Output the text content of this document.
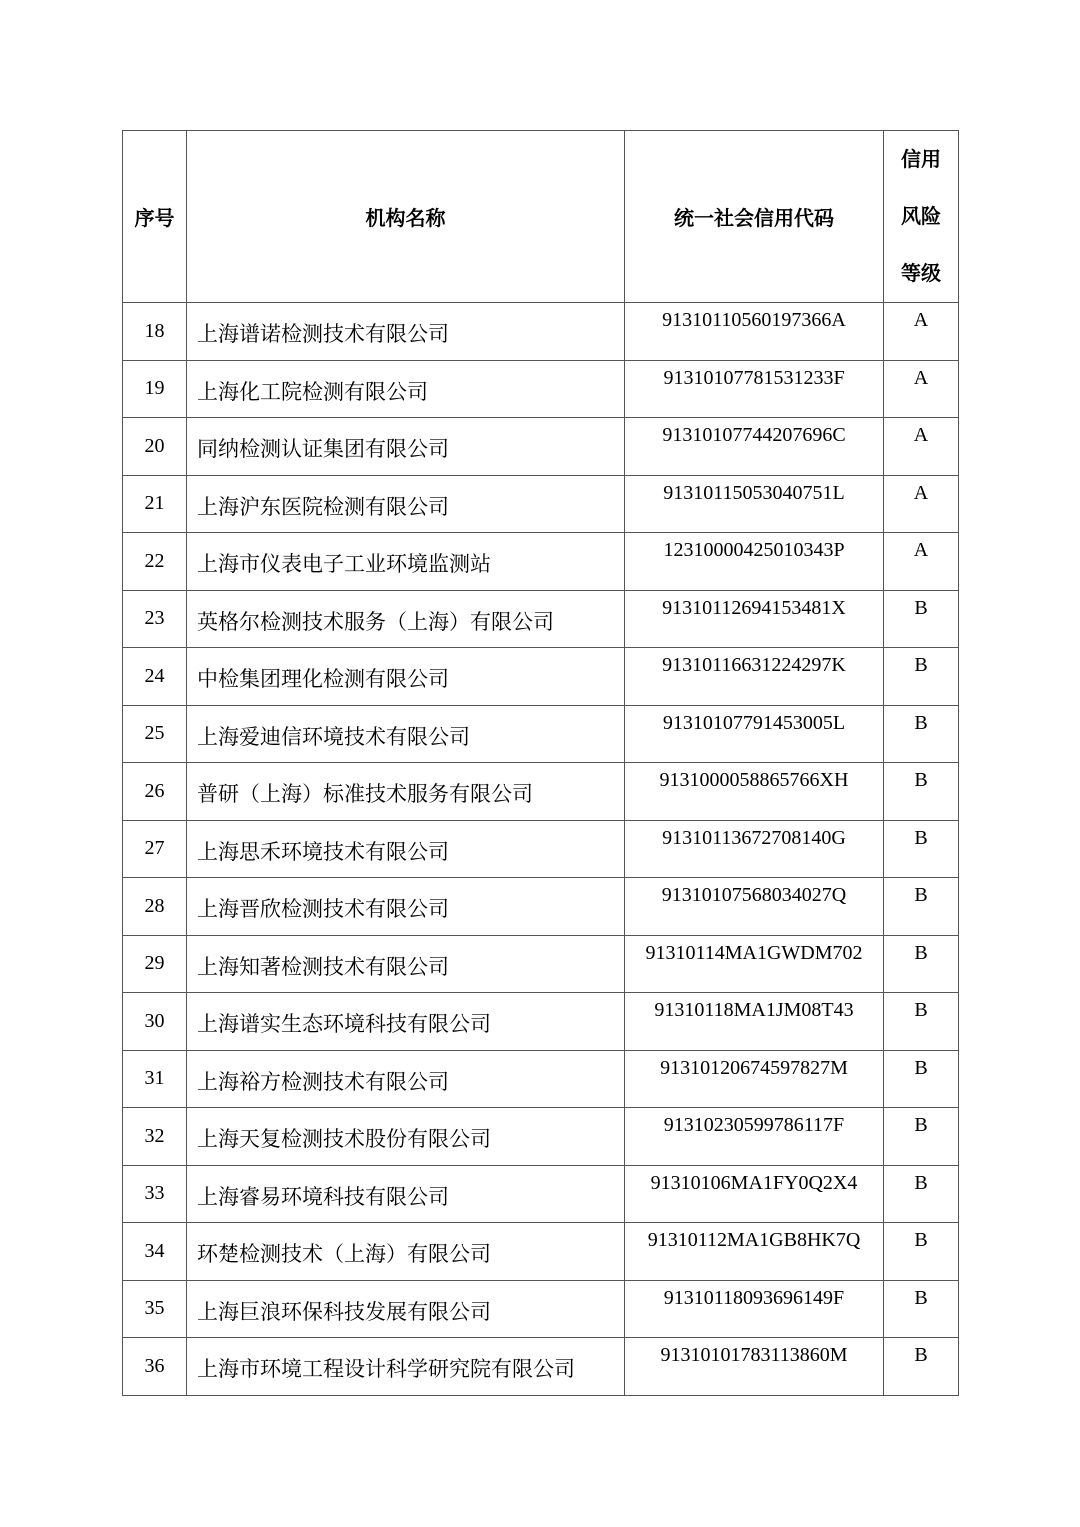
序号	机构名称	统一社会信用代码	信用
风险
等级

18	上海谱诺检测技术有限公司	91310110560197366A	A
19	上海化工院检测有限公司	91310107781531233F	A
20	同纳检测认证集团有限公司	91310107744207696C	A
21	上海沪东医院检测有限公司	91310115053040751L	A
22	上海市仪表电子工业环境监测站	12310000425010343P	A
23	英格尔检测技术服务（上海）有限公司	91310112694153481X	B
24	中检集团理化检测有限公司	91310116631224297K	B
25	上海爱迪信环境技术有限公司	91310107791453005L	B
26	普研（上海）标准技术服务有限公司	9131000058865766XH	B
27	上海思禾环境技术有限公司	91310113672708140G	B
28	上海晋欣检测技术有限公司	91310107568034027Q	B
29	上海知著检测技术有限公司	91310114MA1GWDM702	B
30	上海谱实生态环境科技有限公司	91310118MA1JM08T43	B
31	上海裕方检测技术有限公司	91310120674597827M	B
32	上海天复检测技术股份有限公司	91310230599786117F	B
33	上海睿易环境科技有限公司	91310106MA1FY0Q2X4	B
34	环楚检测技术（上海）有限公司	91310112MA1GB8HK7Q	B
35	上海巨浪环保科技发展有限公司	91310118093696149F	B
36	上海市环境工程设计科学研究院有限公司	91310101783113860M	B
